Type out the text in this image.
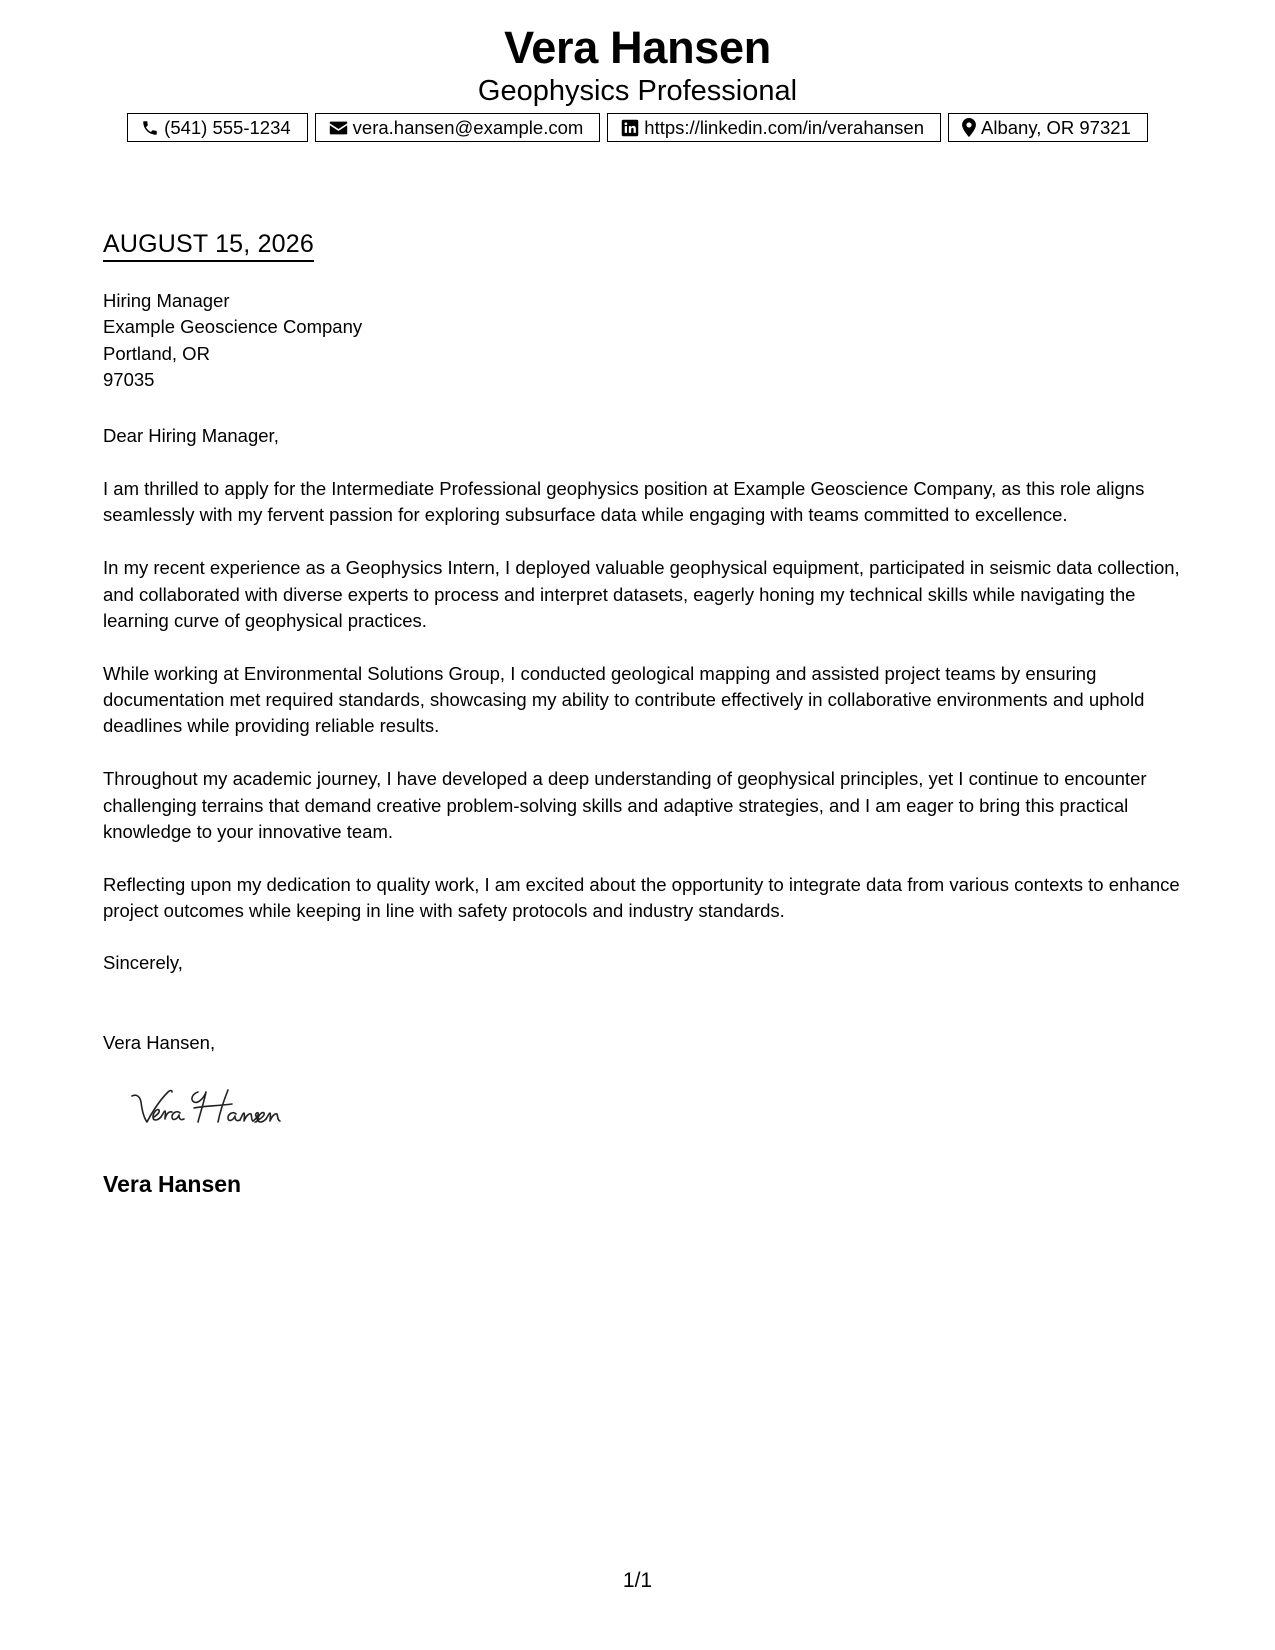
Vera Hansen
Geophysics Professional
(541) 555-1234	vera.hansen@example.com	https://linkedin.com/in/verahansen	Albany, OR 97321
AUGUST 15, 2026
Hiring Manager
Example Geoscience Company
Portland, OR
97035
Dear Hiring Manager,

I am thrilled to apply for the Intermediate Professional geophysics position at Example Geoscience Company, as this role aligns seamlessly with my fervent passion for exploring subsurface data while engaging with teams committed to excellence.

In my recent experience as a Geophysics Intern, I deployed valuable geophysical equipment, participated in seismic data collection, and collaborated with diverse experts to process and interpret datasets, eagerly honing my technical skills while navigating the learning curve of geophysical practices.

While working at Environmental Solutions Group, I conducted geological mapping and assisted project teams by ensuring documentation met required standards, showcasing my ability to contribute effectively in collaborative environments and uphold deadlines while providing reliable results.

Throughout my academic journey, I have developed a deep understanding of geophysical principles, yet I continue to encounter challenging terrains that demand creative problem-solving skills and adaptive strategies, and I am eager to bring this practical knowledge to your innovative team.

Reflecting upon my dedication to quality work, I am excited about the opportunity to integrate data from various contexts to enhance project outcomes while keeping in line with safety protocols and industry standards.

Sincerely,
Vera Hansen,
Vera Hansen
1/1
